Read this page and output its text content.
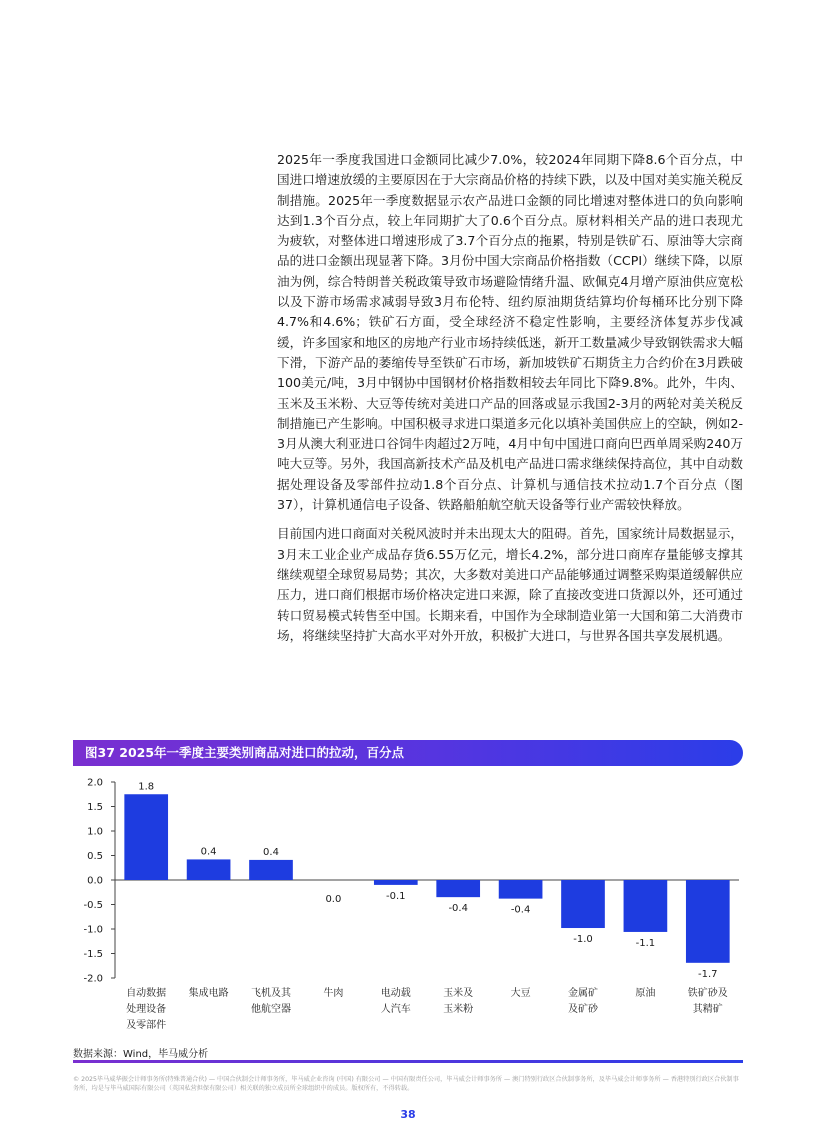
2025年一季度我国进口金额同比减少7.0%，较2024年同期下降8.6个百分点，中国进口增速放缓的主要原因在于大宗商品价格的持续下跌，以及中国对美实施关税反制措施。2025年一季度数据显示农产品进口金额的同比增速对整体进口的负向影响达到1.3个百分点，较上年同期扩大了0.6个百分点。原材料相关产品的进口表现尤为疲软，对整体进口增速形成了3.7个百分点的拖累，特别是铁矿石、原油等大宗商品的进口金额出现显著下降。3月份中国大宗商品价格指数（CCPI）继续下降，以原油为例，综合特朗普关税政策导致市场避险情绪升温、欧佩克4月增产原油供应宽松以及下游市场需求减弱导致3月布伦特、纽约原油期货结算均价每桶环比分别下降4.7%和4.6%；铁矿石方面，受全球经济不稳定性影响，主要经济体复苏步伐减缓，许多国家和地区的房地产行业市场持续低迷，新开工数量减少导致钢铁需求大幅下滑，下游产品的萎缩传导至铁矿石市场，新加坡铁矿石期货主力合约价在3月跌破100美元/吨，3月中钢协中国钢材价格指数相较去年同比下降9.8%。此外，牛肉、玉米及玉米粉、大豆等传统对美进口产品的回落或显示我国2-3月的两轮对美关税反制措施已产生影响。中国积极寻求进口渠道多元化以填补美国供应上的空缺，例如2-3月从澳大利亚进口谷饲牛肉超过2万吨，4月中旬中国进口商向巴西单周采购240万吨大豆等。另外，我国高新技术产品及机电产品进口需求继续保持高位，其中自动数据处理设备及零部件拉动1.8个百分点、计算机与通信技术拉动1.7个百分点（图37），计算机通信电子设备、铁路船舶航空航天设备等行业产需较快释放。

目前国内进口商面对关税风波时并未出现太大的阻碍。首先，国家统计局数据显示，3月末工业企业产成品存货6.55万亿元，增长4.2%，部分进口商库存量能够支撑其继续观望全球贸易局势；其次，大多数对美进口产品能够通过调整采购渠道缓解供应压力，进口商们根据市场价格决定进口来源，除了直接改变进口货源以外，还可通过转口贸易模式转售至中国。长期来看，中国作为全球制造业第一大国和第二大消费市场，将继续坚持扩大高水平对外开放，积极扩大进口，与世界各国共享发展机遇。

图37 2025年一季度主要类别商品对进口的拉动，百分点
2.0
1.5
1.0
0.5
0.0
-0.5
-1.0
-1.5
-2.0
1.8
自动数据处理设备及零部件
0.4
集成电路
0.4
飞机及其他航空器
0.0
牛肉
-0.1
电动载人汽车
-0.4
玉米及玉米粉
-0.4
大豆
-1.0
金属矿及矿砂
-1.1
原油
-1.7
铁矿砂及其精矿
数据来源：Wind，毕马威分析
© 2025毕马威华振会计师事务所(特殊普通合伙) — 中国合伙制会计师事务所，毕马威企业咨询 (中国) 有限公司 — 中国有限责任公司，毕马威会计师事务所 — 澳门特别行政区合伙制事务所，及毕马威会计师事务所 — 香港特别行政区合伙制事务所，均是与毕马威国际有限公司（英国私营担保有限公司）相关联的独立成员所全球组织中的成员。版权所有，不得转载。
38
